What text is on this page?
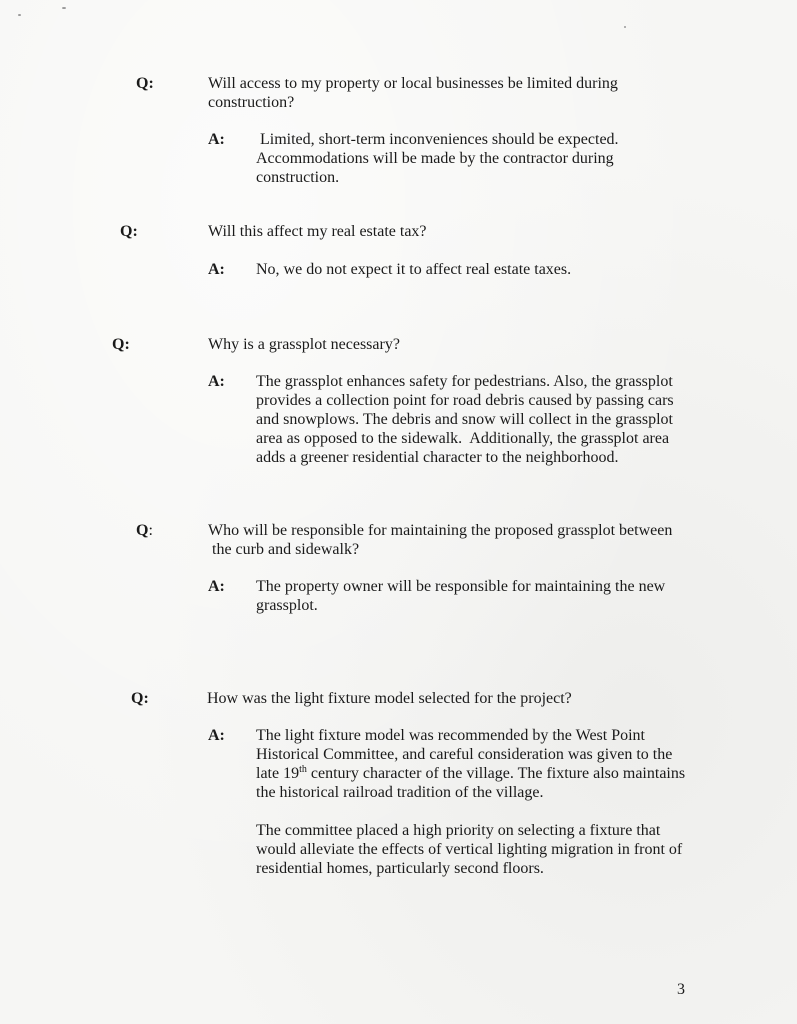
Q:	Will access to my property or local businesses be limited during
construction?
A: Limited, short-term inconveniences should be expected.
Accommodations will be made by the contractor during
construction.

Q:	Will this affect my real estate tax?
A: No, we do not expect it to affect real estate taxes.

Q:	Why is a grassplot necessary?
A: The grassplot enhances safety for pedestrians. Also, the grassplot
provides a collection point for road debris caused by passing cars
and snowplows. The debris and snow will collect in the grassplot
area as opposed to the sidewalk.  Additionally, the grassplot area
adds a greener residential character to the neighborhood.

Q:	Who will be responsible for maintaining the proposed grassplot between
the curb and sidewalk?
A: The property owner will be responsible for maintaining the new
grassplot.

Q:	How was the light fixture model selected for the project?
A: The light fixture model was recommended by the West Point
Historical Committee, and careful consideration was given to the
late 19th century character of the village. The fixture also maintains
the historical railroad tradition of the village.

The committee placed a high priority on selecting a fixture that
would alleviate the effects of vertical lighting migration in front of
residential homes, particularly second floors.

3
